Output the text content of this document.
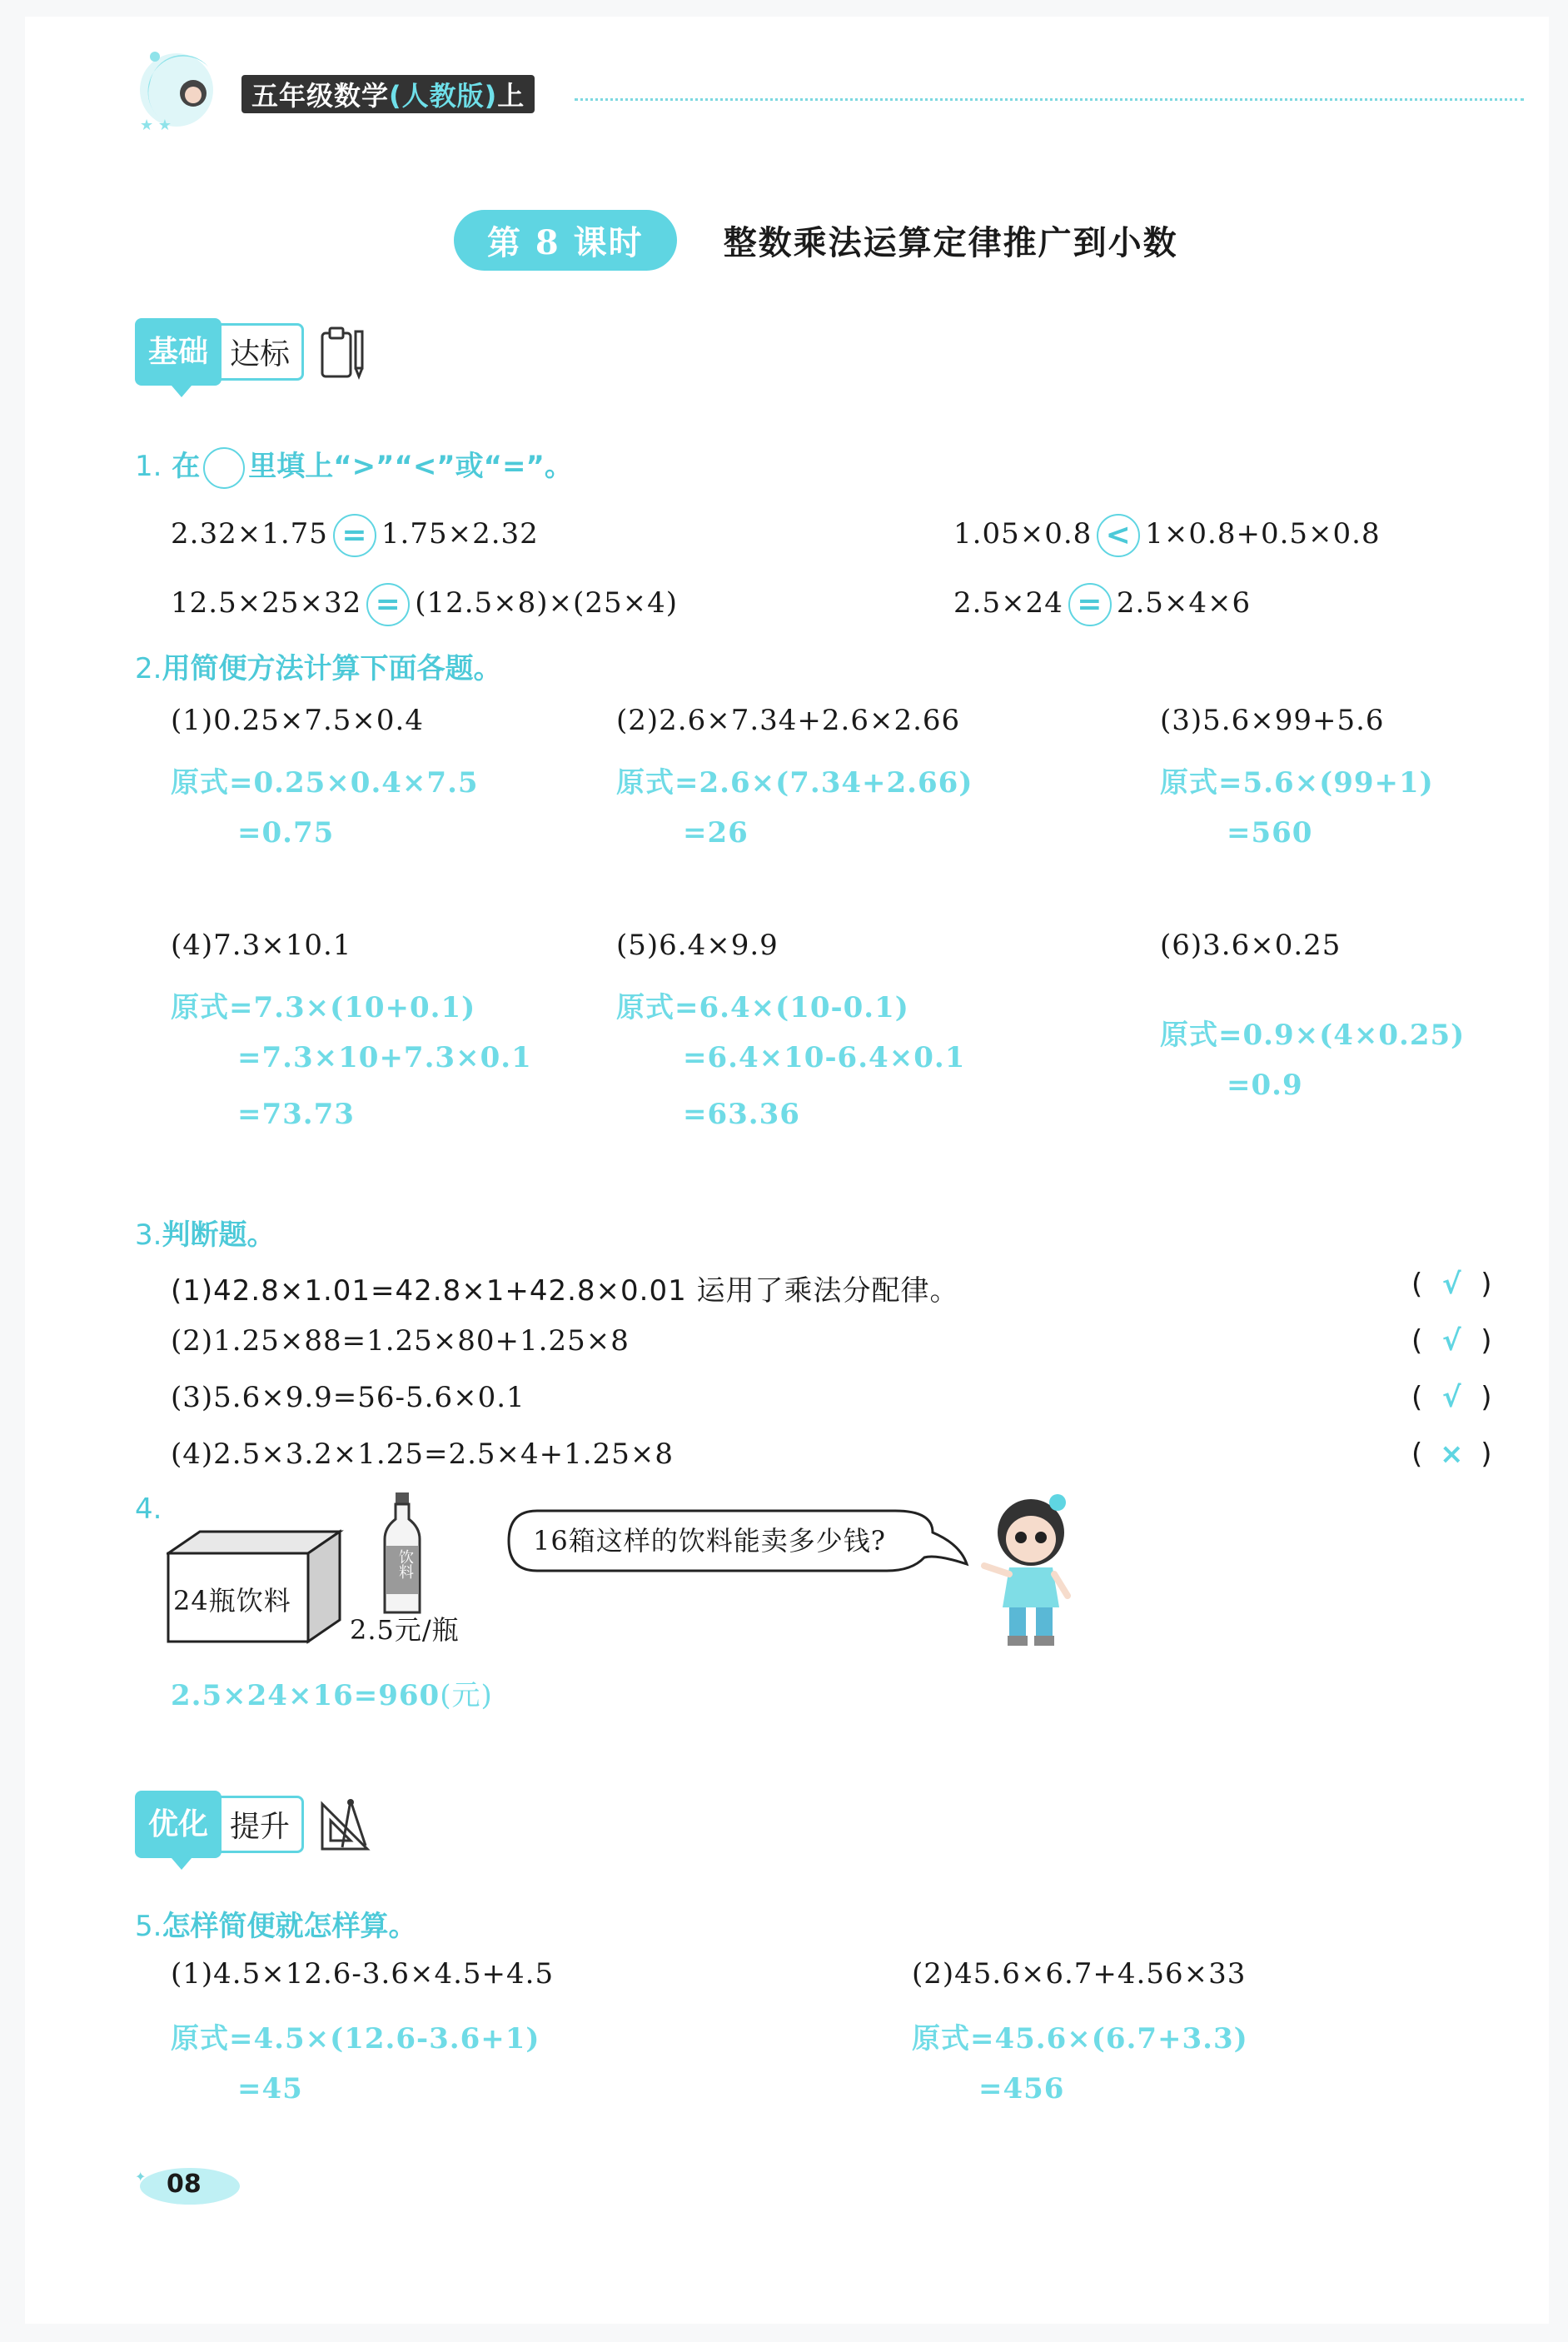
★ ★
五年级数学 (人教版) 上
第 8 课时	整数乘法运算定律推广到小数
基础 达标
1. 在 里填上“>”“<”或“=”。
2.32×1.75 = 1.75×2.32	1.05×0.8 < 1×0.8+0.5×0.8
12.5×25×32 = (12.5×8)×(25×4)	2.5×24 = 2.5×4×6
2.用简便方法计算下面各题。
(1)0.25×7.5×0.4
原式=0.25×0.4×7.5
=0.75
(2)2.6×7.34+2.6×2.66
原式=2.6×(7.34+2.66)
=26
(3)5.6×99+5.6
原式=5.6×(99+1)
=560
(4)7.3×10.1
原式=7.3×(10+0.1)
=7.3×10+7.3×0.1
=73.73
(5)6.4×9.9
原式=6.4×(10-0.1)
=6.4×10-6.4×0.1
=63.36
(6)3.6×0.25
原式=0.9×(4×0.25)
=0.9
3.判断题。
(1)42.8×1.01=42.8×1+42.8×0.01 运用了乘法分配律。	( √ )
(2)1.25×88=1.25×80+1.25×8	( √ )
(3)5.6×9.9=56-5.6×0.1	( √ )
(4)2.5×3.2×1.25=2.5×4+1.25×8	( × )
4.
24瓶饮料
饮料
2.5元/瓶
16箱这样的饮料能卖多少钱?
2.5×24×16=960(元)
优化 提升
5.怎样简便就怎样算。
(1)4.5×12.6-3.6×4.5+4.5
原式=4.5×(12.6-3.6+1)
=45
(2)45.6×6.7+4.56×33
原式=45.6×(6.7+3.3)
=456
✦ 08
